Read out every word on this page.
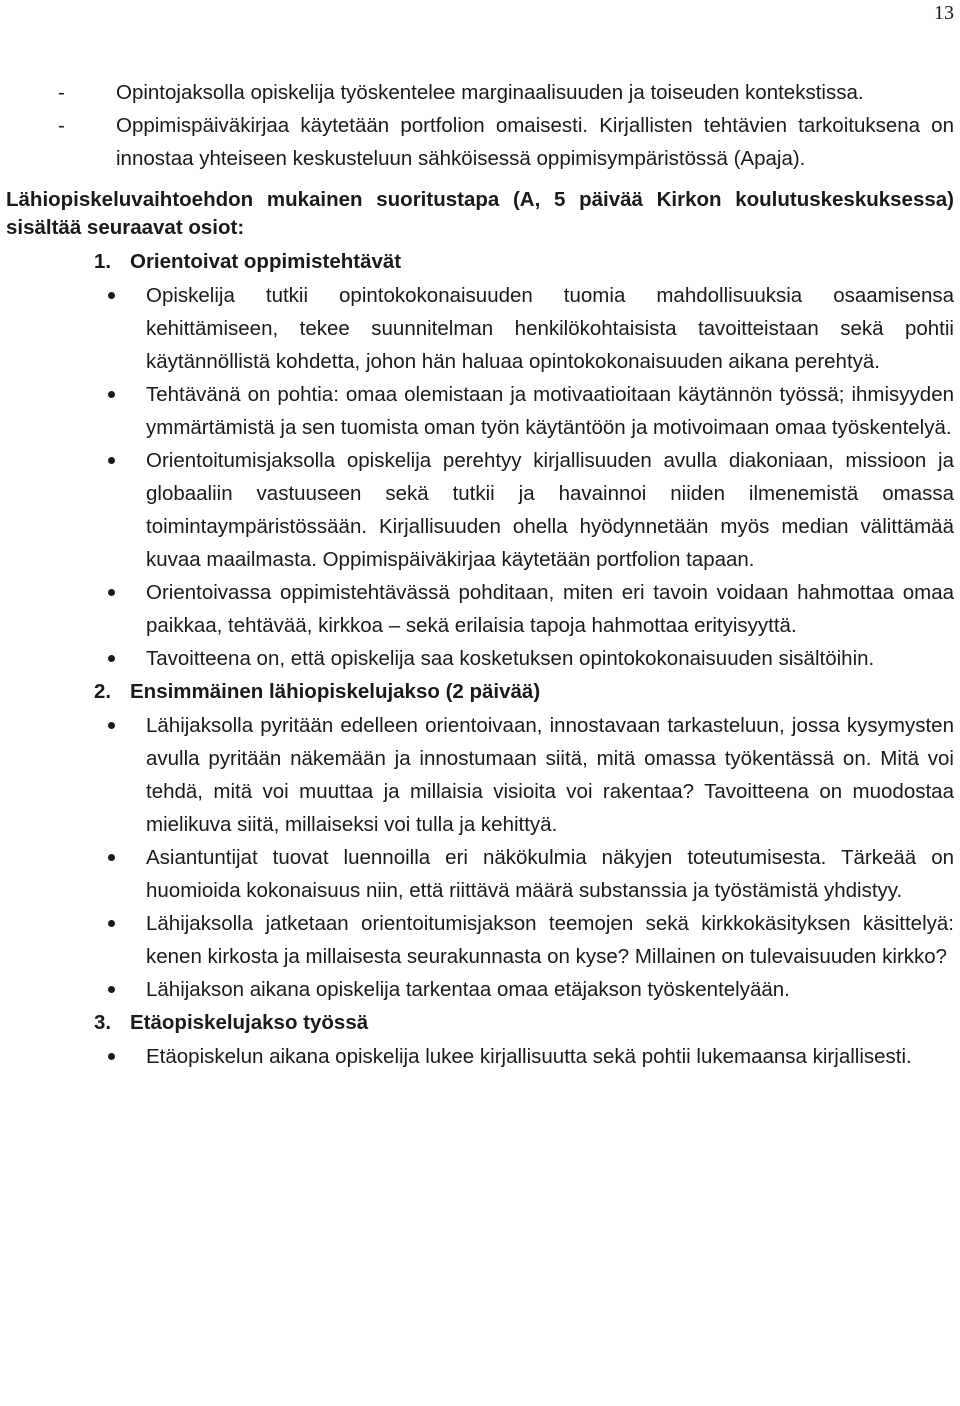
13
- Opintojaksolla opiskelija työskentelee marginaalisuuden ja toiseuden kontekstissa.
- Oppimispäiväkirjaa käytetään portfolion omaisesti. Kirjallisten tehtävien tarkoituksena on innostaa yhteiseen keskusteluun sähköisessä oppimisympäristössä (Apaja).
Lähiopiskeluvaihtoehdon mukainen suoritustapa (A, 5 päivää Kirkon koulutuskeskuksessa) sisältää seuraavat osiot:
1. Orientoivat oppimistehtävät
Opiskelija tutkii opintokokonaisuuden tuomia mahdollisuuksia osaamisensa kehittämiseen, tekee suunnitelman henkilökohtaisista tavoitteistaan sekä pohtii käytännöllistä kohdetta, johon hän haluaa opintokokonaisuuden aikana perehtyä.
Tehtävänä on pohtia: omaa olemistaan ja motivaatioitaan käytännön työssä; ihmisyyden ymmärtämistä ja sen tuomista oman työn käytäntöön ja motivoimaan omaa työskentelyä.
Orientoitumisjaksolla opiskelija perehtyy kirjallisuuden avulla diakoniaan, missioon ja globaaliin vastuuseen sekä tutkii ja havainnoi niiden ilmenemistä omassa toimintaympäristössään. Kirjallisuuden ohella hyödynnetään myös median välittämää kuvaa maailmasta. Oppimispäiväkirjaa käytetään portfolion tapaan.
Orientoivassa oppimistehtävässä pohditaan, miten eri tavoin voidaan hahmottaa omaa paikkaa, tehtävää, kirkkoa – sekä erilaisia tapoja hahmottaa erityisyyttä.
Tavoitteena on, että opiskelija saa kosketuksen opintokokonaisuuden sisältöihin.
2. Ensimmäinen lähiopiskelujakso (2 päivää)
Lähijaksolla pyritään edelleen orientoivaan, innostavaan tarkasteluun, jossa kysymysten avulla pyritään näkemään ja innostumaan siitä, mitä omassa työkentässä on. Mitä voi tehdä, mitä voi muuttaa ja millaisia visioita voi rakentaa? Tavoitteena on muodostaa mielikuva siitä, millaiseksi voi tulla ja kehittyä.
Asiantuntijat tuovat luennoilla eri näkökulmia näkyjen toteutumisesta. Tärkeää on huomioida kokonaisuus niin, että riittävä määrä substanssia ja työstämistä yhdistyy.
Lähijaksolla jatketaan orientoitumisjakson teemojen sekä kirkkokäsityksen käsittelyä: kenen kirkosta ja millaisesta seurakunnasta on kyse? Millainen on tulevaisuuden kirkko?
Lähijakson aikana opiskelija tarkentaa omaa etäjakson työskentelyään.
3. Etäopiskelujakso työssä
Etäopiskelun aikana opiskelija lukee kirjallisuutta sekä pohtii lukemaansa kirjallisesti.
